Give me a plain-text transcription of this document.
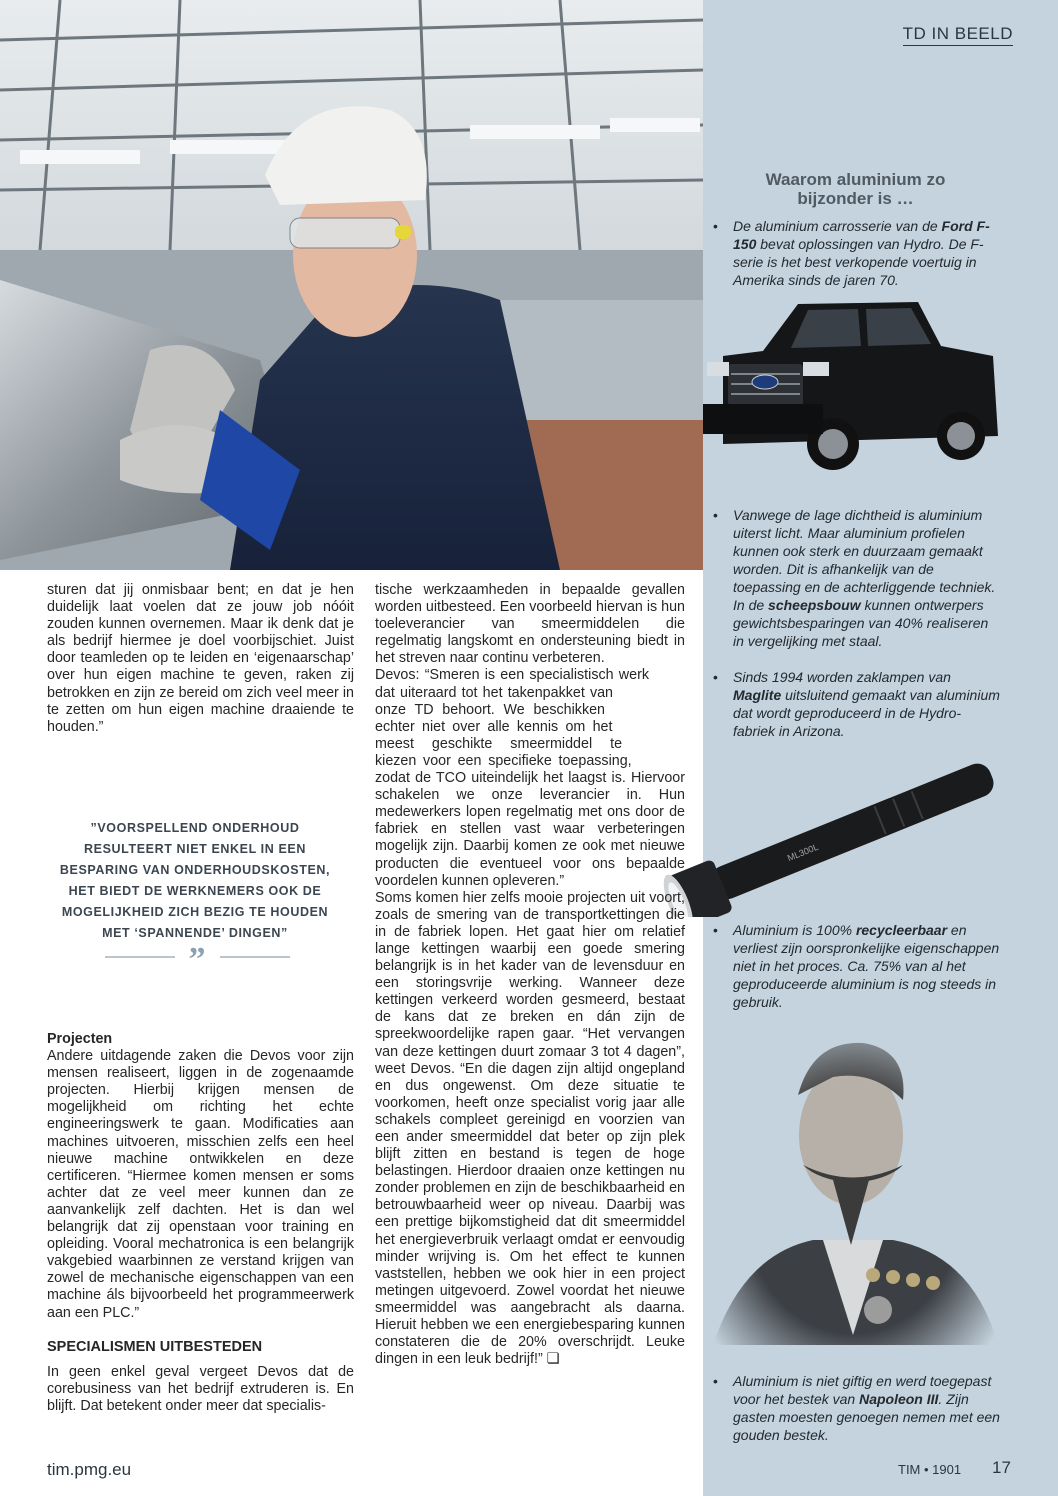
TD IN BEELD
Waarom aluminium zo bijzonder is …
• De aluminium carrosserie van de Ford F-150 bevat oplossingen van Hydro. De F-serie is het best verkopende voertuig in Amerika sinds de jaren 70.
• Vanwege de lage dichtheid is aluminium uiterst licht. Maar aluminium profielen kunnen ook sterk en duurzaam gemaakt worden. Dit is afhankelijk van de toepassing en de achterliggende techniek. In de scheepsbouw kunnen ontwerpers gewichtsbesparingen van 40% realiseren in vergelijking met staal.
• Sinds 1994 worden zaklampen van Maglite uitsluitend gemaakt van aluminium dat wordt geproduceerd in de Hydro-fabriek in Arizona.
ML300L
• Aluminium is 100% recycleerbaar en verliest zijn oorspronkelijke eigenschappen niet in het proces. Ca. 75% van al het geproduceerde aluminium is nog steeds in gebruik.
• Aluminium is niet giftig en werd toegepast voor het bestek van Napoleon III. Zijn gasten moesten genoegen nemen met een gouden bestek.

sturen dat jij onmisbaar bent; en dat je hen duidelijk laat voelen dat ze jouw job nóóit zouden kunnen overnemen. Maar ik denk dat je als bedrijf hiermee je doel voorbijschiet. Juist door teamleden op te leiden en ‘eigenaarschap’ over hun eigen machine te geven, raken zij betrokken en zijn ze bereid om zich veel meer in te zetten om hun eigen machine draaiende te houden.”

”VOORSPELLEND ONDERHOUD RESULTEERT NIET ENKEL IN EEN BESPARING VAN ONDERHOUDSKOSTEN, HET BIEDT DE WERKNEMERS OOK DE MOGELIJKHEID ZICH BEZIG TE HOUDEN MET ‘SPANNENDE’ DINGEN”
”

Projecten

Andere uitdagende zaken die Devos voor zijn mensen realiseert, liggen in de zogenaamde projecten. Hierbij krijgen mensen de mogelijkheid om richting het echte engineeringswerk te gaan. Modificaties aan machines uitvoeren, misschien zelfs een heel nieuwe machine ontwikkelen en deze certificeren. “Hiermee komen mensen er soms achter dat ze veel meer kunnen dan ze aanvankelijk zelf dachten. Het is dan wel belangrijk dat zij openstaan voor training en opleiding. Vooral mechatronica is een belangrijk vakgebied waarbinnen ze verstand krijgen van zowel de mechanische eigenschappen van een machine áls bijvoorbeeld het programmeerwerk aan een PLC.”

SPECIALISMEN UITBESTEDEN

In geen enkel geval vergeet Devos dat de corebusiness van het bedrijf extruderen is. En blijft. Dat betekent onder meer dat specialis-

tische werkzaamheden in bepaalde gevallen worden uitbesteed. Een voorbeeld hiervan is hun toeleverancier van smeermiddelen die regelmatig langskomt en ondersteuning biedt in het streven naar continu verbeteren.

Devos: “Smeren is een specialistisch werk dat uiteraard tot het takenpakket van onze TD behoort. We beschikken echter niet over alle kennis om het meest geschikte smeermiddel te kiezen voor een specifieke toepassing, zodat de TCO uiteindelijk het laagst is. Hiervoor schakelen we onze leverancier in. Hun medewerkers lopen regelmatig met ons door de fabriek en stellen vast waar verbeteringen mogelijk zijn. Daarbij komen ze ook met nieuwe producten die eventueel voor ons bepaalde voordelen kunnen opleveren.”

Soms komen hier zelfs mooie projecten uit voort, zoals de smering van de transportkettingen die in de fabriek lopen. Het gaat hier om relatief lange kettingen waarbij een goede smering belangrijk is in het kader van de levensduur en een storingsvrije werking. Wanneer deze kettingen verkeerd worden gesmeerd, bestaat de kans dat ze breken en dán zijn de spreekwoordelijke rapen gaar. “Het vervangen van deze kettingen duurt zomaar 3 tot 4 dagen”, weet Devos. “En die dagen zijn altijd ongepland en dus ongewenst. Om deze situatie te voorkomen, heeft onze specialist vorig jaar alle schakels compleet gereinigd en voorzien van een ander smeermiddel dat beter op zijn plek blijft zitten en bestand is tegen de hoge belastingen. Hierdoor draaien onze kettingen nu zonder problemen en zijn de beschikbaarheid en betrouwbaarheid weer op niveau. Daarbij was een prettige bijkomstigheid dat dit smeermiddel het energieverbruik verlaagt omdat er eenvoudig minder wrijving is. Om het effect te kunnen vaststellen, hebben we ook hier in een project metingen uitgevoerd. Zowel voordat het nieuwe smeermiddel was aangebracht als daarna. Hieruit hebben we een energiebesparing kunnen constateren die de 20% overschrijdt. Leuke dingen in een leuk bedrijf!” ❏

tim.pmg.eu	TIM • 1901 17
